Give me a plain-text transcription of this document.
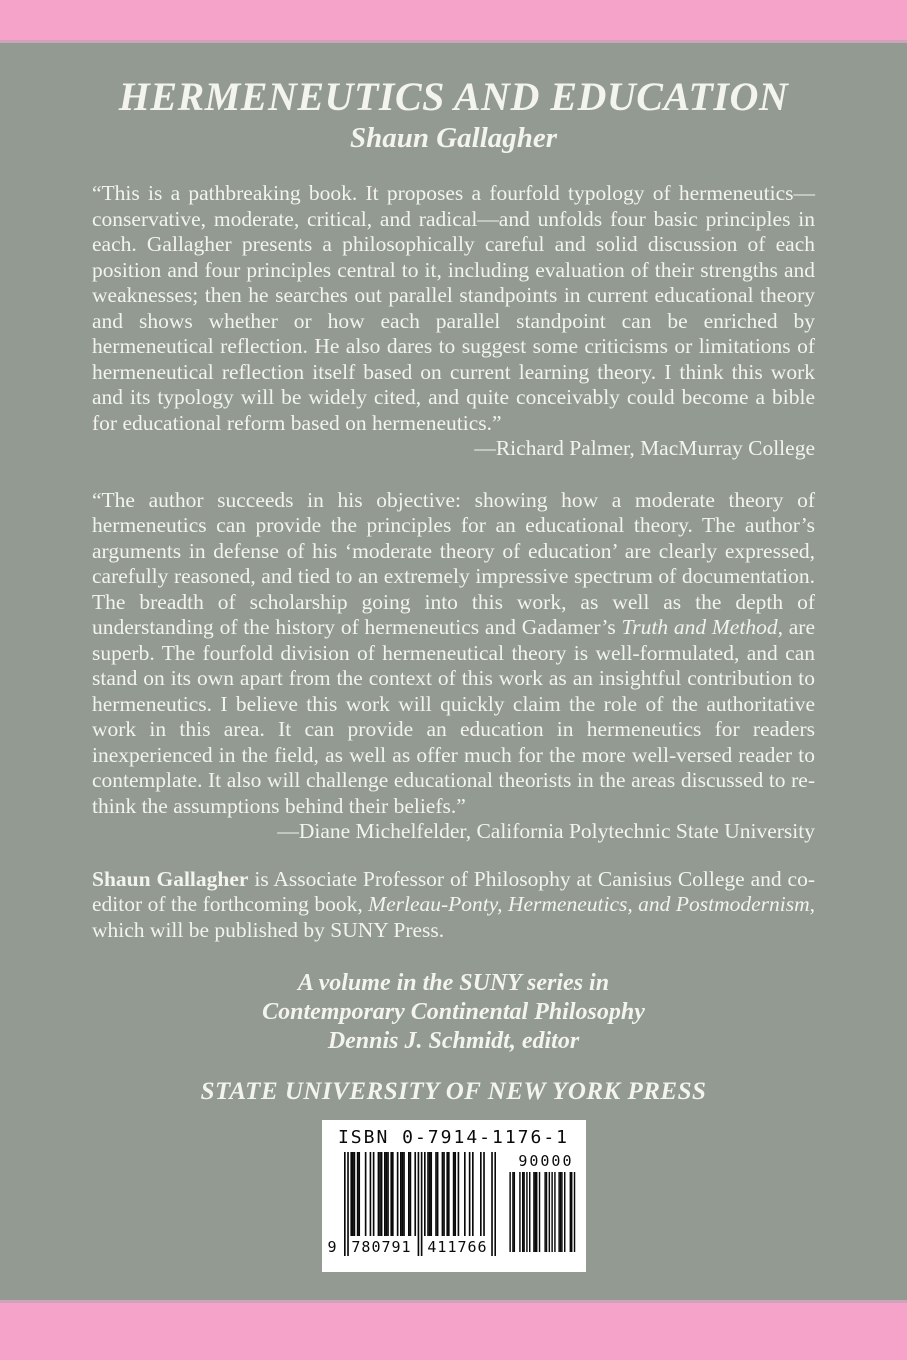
HERMENEUTICS AND EDUCATION
Shaun Gallagher

“This is a pathbreaking book. It proposes a fourfold typology of hermeneutics—conservative, moderate, critical, and radical—and unfolds four basic principles in each. Gallagher presents a philosophically careful and solid discussion of each position and four principles central to it, including evaluation of their strengths and weaknesses; then he searches out parallel standpoints in current educational theory and shows whether or how each parallel standpoint can be enriched by hermeneutical reflection. He also dares to suggest some criticisms or limitations of hermeneutical reflection itself based on current learning theory. I think this work and its typology will be widely cited, and quite conceivably could become a bible for educational reform based on hermeneutics.”

—Richard Palmer, MacMurray College

“The author succeeds in his objective: showing how a moderate theory of hermeneutics can provide the principles for an educational theory. The author’s arguments in defense of his ‘moderate theory of education’ are clearly expressed, carefully reasoned, and tied to an extremely impressive spectrum of documentation. The breadth of scholarship going into this work, as well as the depth of understanding of the history of hermeneutics and Gadamer’s Truth and Method, are superb. The fourfold division of hermeneutical theory is well-formulated, and can stand on its own apart from the context of this work as an insightful contribution to hermeneutics. I believe this work will quickly claim the role of the authoritative work in this area. It can provide an education in hermeneutics for readers inexperienced in the field, as well as offer much for the more well-versed reader to contemplate. It also will challenge educational theorists in the areas discussed to re-think the assumptions behind their beliefs.”

—Diane Michelfelder, California Polytechnic State University

Shaun Gallagher is Associate Professor of Philosophy at Canisius College and co-editor of the forthcoming book, Merleau-Ponty, Hermeneutics, and Postmodernism, which will be published by SUNY Press.

A volume in the SUNY series in
Contemporary Continental Philosophy
Dennis J. Schmidt, editor
STATE UNIVERSITY OF NEW YORK PRESS
ISBN 0-7914-1176-1
9 780791 411766
90000
